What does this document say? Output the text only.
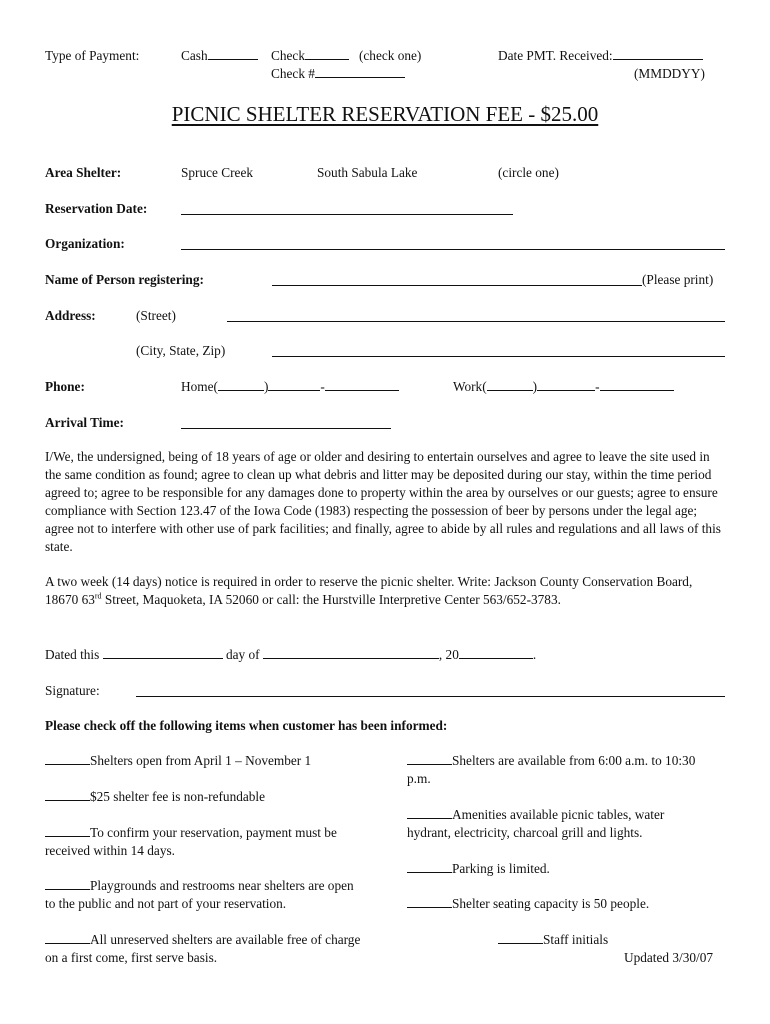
Type of Payment:	Cash	Check	(check one)
Check #
Date PMT. Received:
(MMDDYY)
PICNIC SHELTER RESERVATION FEE - $25.00
Area Shelter:	Spruce Creek	South Sabula Lake	(circle one)
Reservation Date:
Organization:
Name of Person registering:	(Please print)
Address:	(Street)
(City, State, Zip)
Phone:	Home(	)	-	Work(	)	-
Arrival Time:
I/We, the undersigned, being of 18 years of age or older and desiring to entertain ourselves and agree to leave the site used in the same condition as found; agree to clean up what debris and litter may be deposited during our stay, within the time period agreed to; agree to be responsible for any damages done to property within the area by ourselves or our guests; agree to ensure compliance with Section 123.47 of the Iowa Code (1983) respecting the possession of beer by persons under the legal age; agree not to interfere with other use of park facilities; and finally, agree to abide by all rules and regulations and all laws of this state.
A two week (14 days) notice is required in order to reserve the picnic shelter. Write: Jackson County Conservation Board, 18670 63rd Street, Maquoketa, IA 52060 or call: the Hurstville Interpretive Center 563/652-3783.
Dated this	day of	, 20	.
Signature:
Please check off the following items when customer has been informed:
Shelters open from April 1 – November 1
$25 shelter fee is non-refundable
To confirm your reservation, payment must be received within 14 days.
Playgrounds and restrooms near shelters are open to the public and not part of your reservation.
All unreserved shelters are available free of charge on a first come, first serve basis.
Shelters are available from 6:00 a.m. to 10:30 p.m.
Amenities available picnic tables, water hydrant, electricity, charcoal grill and lights.
Parking is limited.
Shelter seating capacity is 50 people.
Staff initials
Updated 3/30/07
